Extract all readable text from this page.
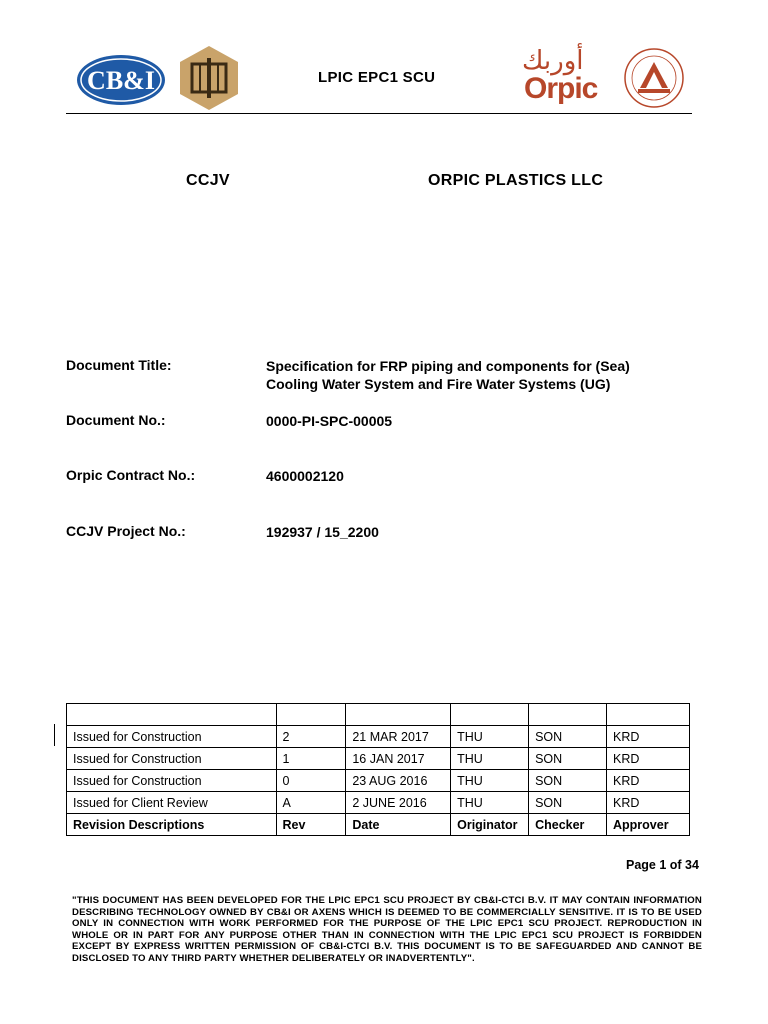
CB&I	LPIC EPC1 SCU
أوربك
Orpic
CCJV	ORPIC PLASTICS LLC
Document Title:	Specification for FRP piping and components for (Sea)
Cooling Water System and Fire Water Systems (UG)
Document No.:	0000-PI-SPC-00005
Orpic Contract No.:	4600002120
CCJV Project No.:	192937 / 15_2200

Issued for Construction	2	21 MAR 2017	THU	SON	KRD
Issued for Construction	1	16 JAN 2017	THU	SON	KRD
Issued for Construction	0	23 AUG 2016	THU	SON	KRD
Issued for Client Review	A	2 JUNE 2016	THU	SON	KRD
Revision Descriptions	Rev	Date	Originator	Checker	Approver
Page 1 of 34
"THIS DOCUMENT HAS BEEN DEVELOPED FOR THE LPIC EPC1 SCU PROJECT BY CB&I-CTCI B.V. IT MAY CONTAIN INFORMATION DESCRIBING TECHNOLOGY OWNED BY CB&I OR AXENS WHICH IS DEEMED TO BE COMMERCIALLY SENSITIVE. IT IS TO BE USED ONLY IN CONNECTION WITH WORK PERFORMED FOR THE PURPOSE OF THE LPIC EPC1 SCU PROJECT. REPRODUCTION IN WHOLE OR IN PART FOR ANY PURPOSE OTHER THAN IN CONNECTION WITH THE LPIC EPC1 SCU PROJECT IS FORBIDDEN EXCEPT BY EXPRESS WRITTEN PERMISSION OF CB&I-CTCI B.V. THIS DOCUMENT IS TO BE SAFEGUARDED AND CANNOT BE DISCLOSED TO ANY THIRD PARTY WHETHER DELIBERATELY OR INADVERTENTLY".
